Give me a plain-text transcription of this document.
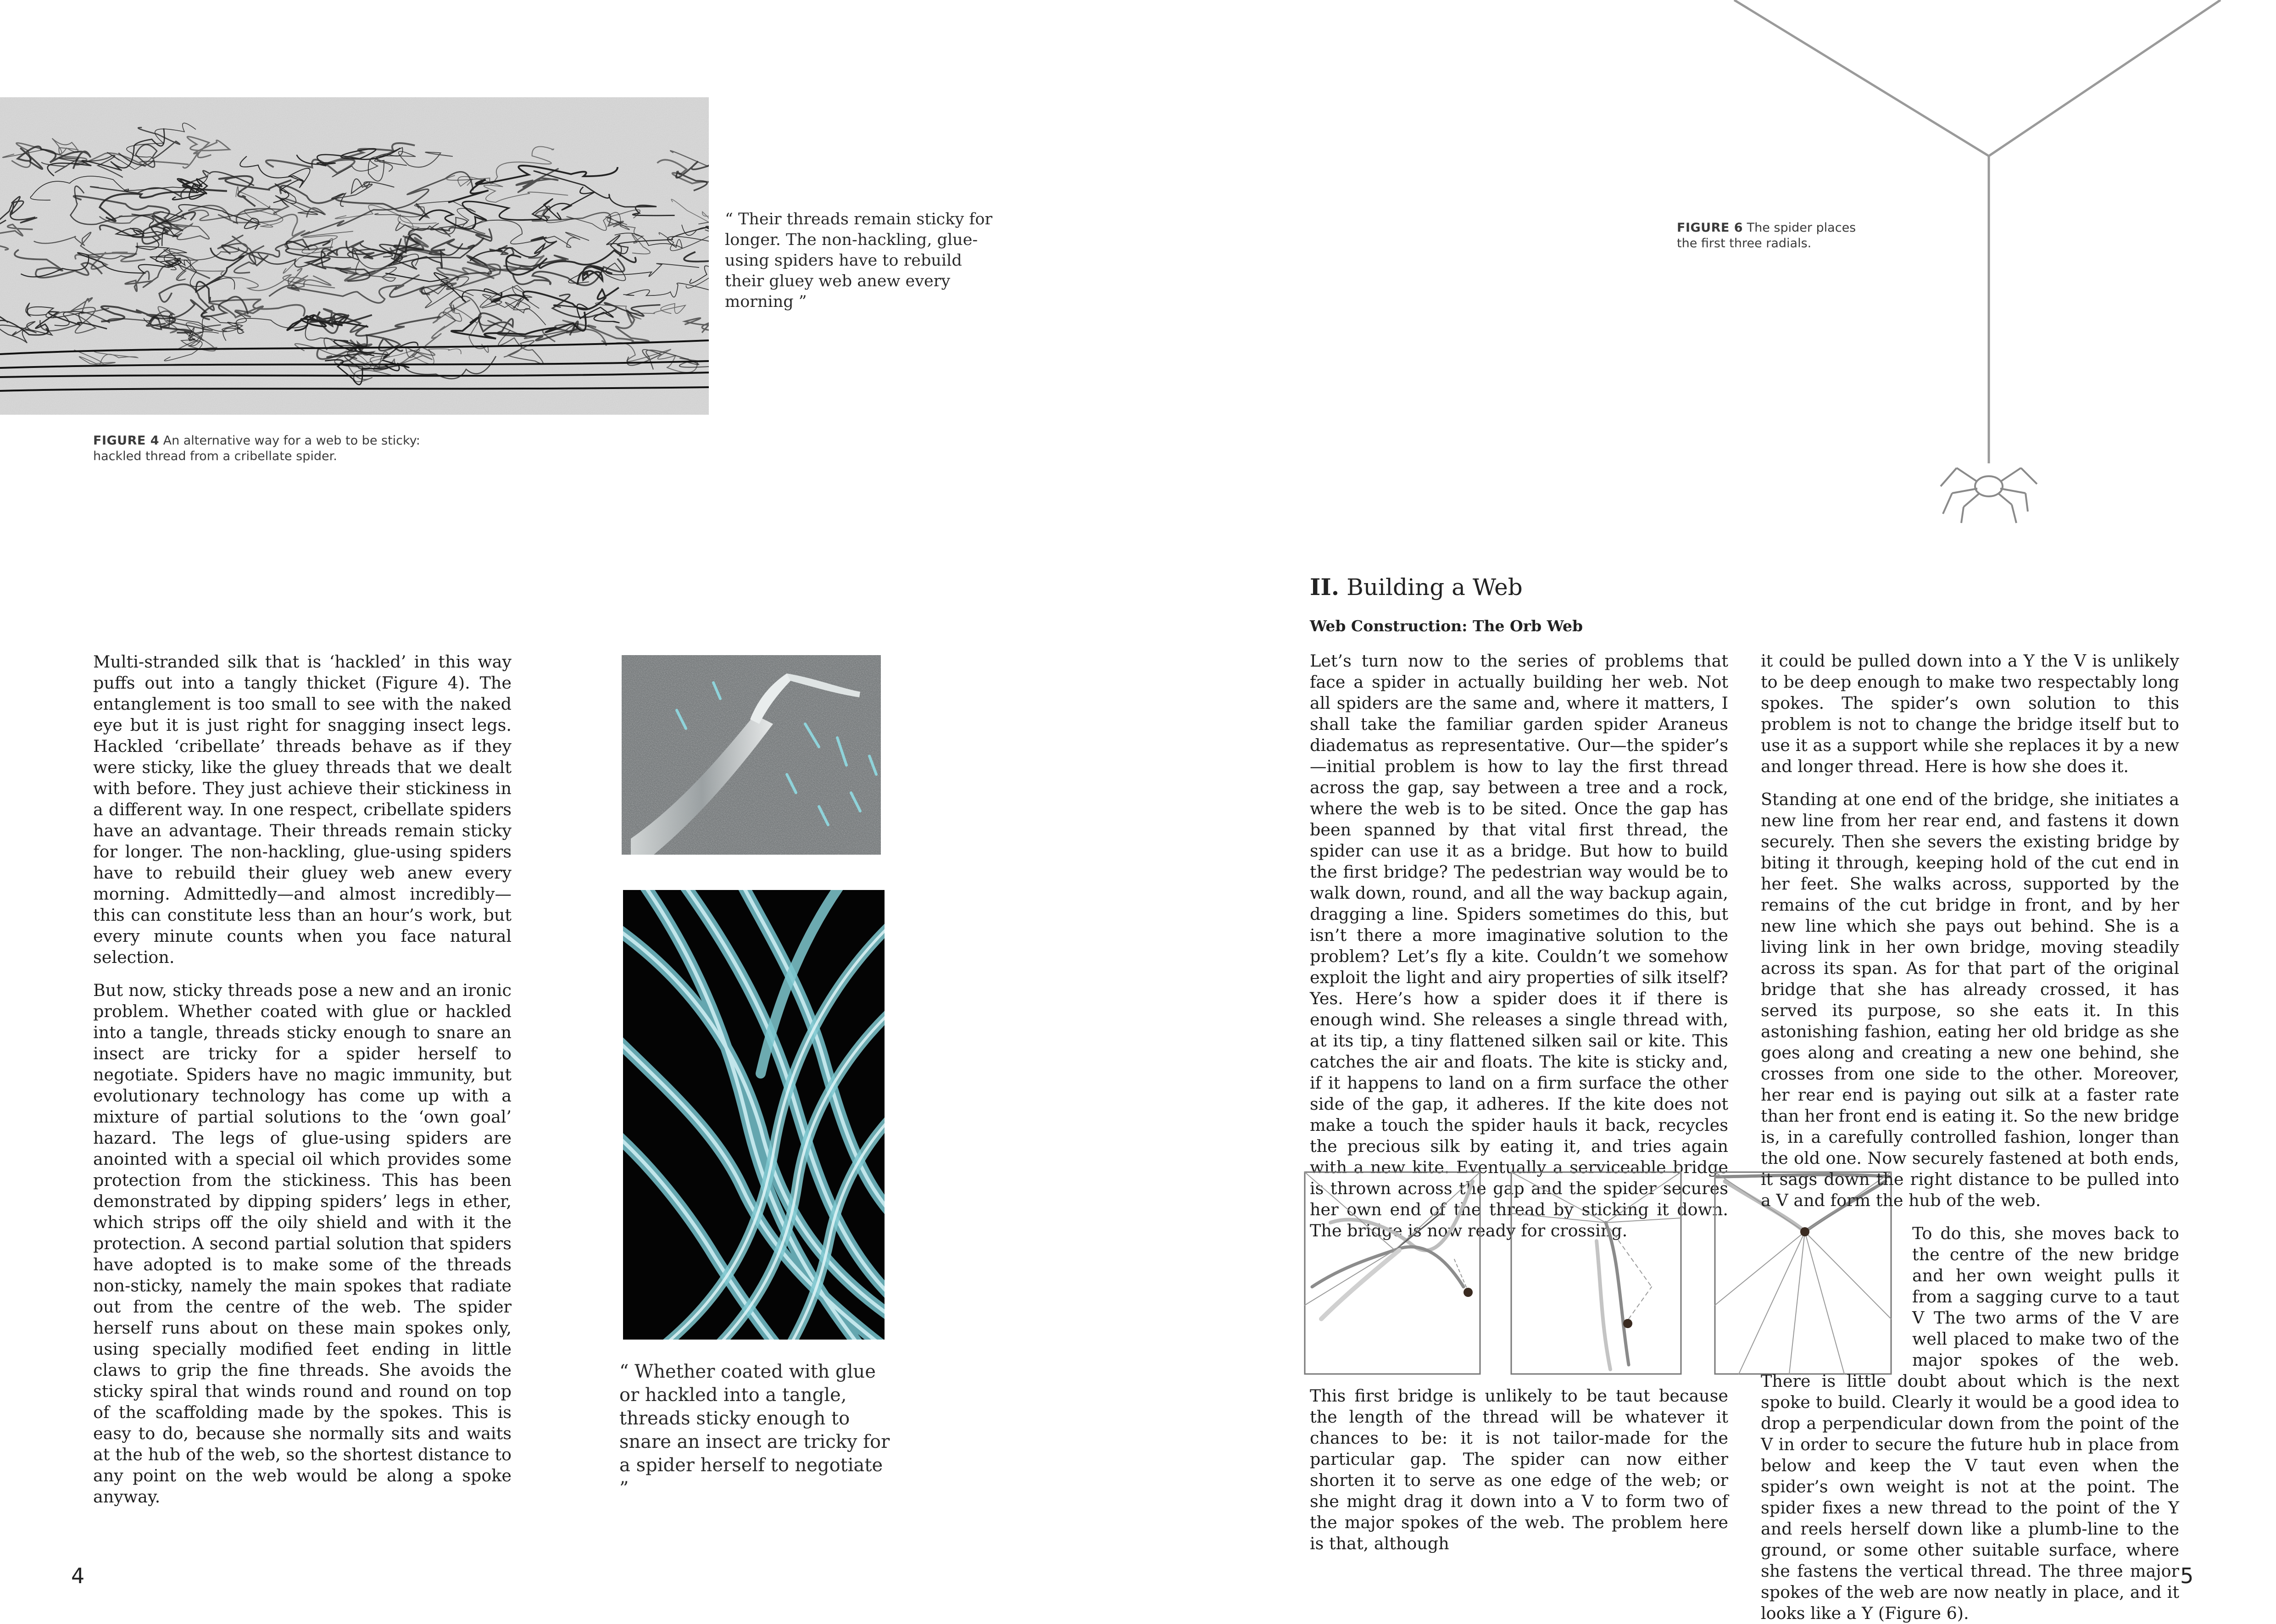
FIGURE 4 An alternative way for a web to be sticky: hackled thread from a cribellate spider.
“ Their threads remain sticky for longer. The non-hackling, glue-using spiders have to rebuild their gluey web anew every morning ”

Multi-stranded silk that is ‘hackled’ in this way puffs out into a tangly thicket (Figure 4). The entanglement is too small to see with the naked eye but it is just right for snagging insect legs. Hackled ‘cribellate’ threads behave as if they were sticky, like the gluey threads that we dealt with before. They just achieve their stickiness in a different way. In one respect, cribellate spiders have an advantage. Their threads remain sticky for longer. The non-hackling, glue-using spiders have to rebuild their gluey web anew every morning. Admittedly—and almost incredibly—this can constitute less than an hour’s work, but every minute counts when you face natural selection.

But now, sticky threads pose a new and an ironic problem. Whether coated with glue or hackled into a tangle, threads sticky enough to snare an insect are tricky for a spider herself to negotiate. Spiders have no magic immunity, but evolutionary technology has come up with a mixture of partial solutions to the ‘own goal’ hazard. The legs of glue-using spiders are anointed with a special oil which provides some protection from the stickiness. This has been demonstrated by dipping spiders’ legs in ether, which strips off the oily shield and with it the protection. A second partial solution that spiders have adopted is to make some of the threads non-sticky, namely the main spokes that radiate out from the centre of the web. The spider herself runs about on these main spokes only, using specially modified feet ending in little claws to grip the fine threads. She avoids the sticky spiral that winds round and round on top of the scaffolding made by the spokes. This is easy to do, because she normally sits and waits at the hub of the web, so the shortest distance to any point on the web would be along a spoke anyway.

“ Whether coated with glue or hackled into a tangle, threads sticky enough to snare an insect are tricky for a spider herself to negotiate ”
4
FIGURE 6 The spider places the first three radials.
II. Building a Web
Web Construction: The Orb Web

Let’s turn now to the series of problems that face a spider in actually building her web. Not all spiders are the same and, where it matters, I shall take the familiar garden spider Araneus diadematus as representative. Our—the spider’s—initial problem is how to lay the first thread across the gap, say between a tree and a rock, where the web is to be sited. Once the gap has been spanned by that vital first thread, the spider can use it as a bridge. But how to build the first bridge? The pedestrian way would be to walk down, round, and all the way backup again, dragging a line. Spiders sometimes do this, but isn’t there a more imaginative solution to the problem? Let’s fly a kite. Couldn’t we somehow exploit the light and airy properties of silk itself? Yes. Here’s how a spider does it if there is enough wind. She releases a single thread with, at its tip, a tiny flattened silken sail or kite. This catches the air and floats. The kite is sticky and, if it happens to land on a firm surface the other side of the gap, it adheres. If the kite does not make a touch the spider hauls it back, recycles the precious silk by eating it, and tries again with a new kite. Eventually a serviceable bridge is thrown across the gap and the spider secures her own end of the thread by sticking it down. The bridge is now ready for crossing.

This first bridge is unlikely to be taut because the length of the thread will be whatever it chances to be: it is not tailor-made for the particular gap. The spider can now either shorten it to serve as one edge of the web; or she might drag it down into a V to form two of the major spokes of the web. The problem here is that, although

it could be pulled down into a Y the V is unlikely to be deep enough to make two respectably long spokes. The spider’s own solution to this problem is not to change the bridge itself but to use it as a support while she replaces it by a new and longer thread. Here is how she does it.

Standing at one end of the bridge, she initiates a new line from her rear end, and fastens it down securely. Then she severs the existing bridge by biting it through, keeping hold of the cut end in her feet. She walks across, supported by the remains of the cut bridge in front, and by her new line which she pays out behind. She is a living link in her own bridge, moving steadily across its span. As for that part of the original bridge that she has already crossed, it has served its purpose, so she eats it. In this astonishing fashion, eating her old bridge as she goes along and creating a new one behind, she crosses from one side to the other. Moreover, her rear end is paying out silk at a faster rate than her front end is eating it. So the new bridge is, in a carefully controlled fashion, longer than the old one. Now securely fastened at both ends, it sags down the right distance to be pulled into a V and form the hub of the web.

To do this, she moves back to the centre of the new bridge and her own weight pulls it from a sagging curve to a taut V The two arms of the V are well placed to make two of the major spokes of the web. There is little doubt about which is the next spoke to build. Clearly it would be a good idea to drop a perpendicular down from the point of the V in order to secure the future hub in place from below and keep the V taut even when the spider’s own weight is not at the point. The spider fixes a new thread to the point of the Y and reels herself down like a plumb-line to the ground, or some other suitable surface, where she fastens the vertical thread. The three major spokes of the web are now neatly in place, and it looks like a Y (Figure 6).

5
